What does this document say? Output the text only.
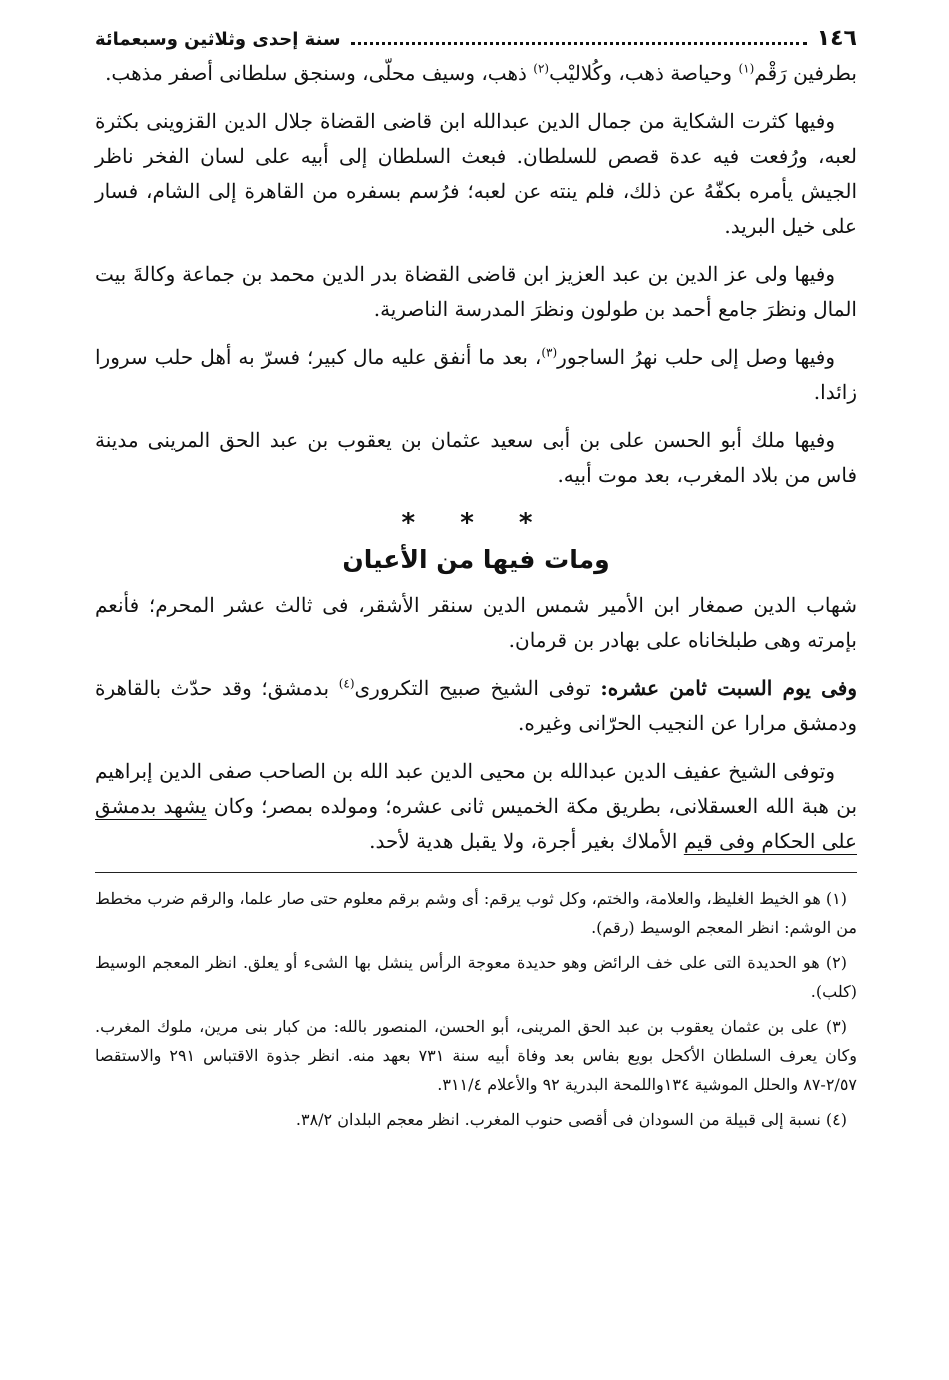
١٤٦
سنة إحدى وثلاثين وسبعمائة

بطرفين رَقْم$^{(١)}$ وحياصة ذهب، وكُلاليْب$^{(٢)}$ ذهب، وسيف محلّى، وسنجق سلطانى أصفر مذهب.

وفيها كثرت الشكاية من جمال الدين عبدالله ابن قاضى القضاة جلال الدين القزوينى بكثرة لعبه، ورُفعت فيه عدة قصص للسلطان. فبعث السلطان إلى أبيه على لسان الفخر ناظر الجيش يأمره بكفّهُ عن ذلك، فلم ينته عن لعبه؛ فرُسم بسفره من القاهرة إلى الشام، فسار على خيل البريد.

وفيها ولى عز الدين بن عبد العزيز ابن قاضى القضاة بدر الدين محمد بن جماعة وكالةَ بيت المال ونظرَ جامع أحمد بن طولون ونظرَ المدرسة الناصرية.

وفيها وصل إلى حلب نهرُ الساجور$^{(٣)}$، بعد ما أنفق عليه مال كبير؛ فسرّ به أهل حلب سرورا زائدا.

وفيها ملك أبو الحسن على بن أبى سعيد عثمان بن يعقوب بن عبد الحق المرينى مدينة فاس من بلاد المغرب، بعد موت أبيه.

* * *
ومات فيها من الأعيان

شهاب الدين صمغار ابن الأمير شمس الدين سنقر الأشقر، فى ثالث عشر المحرم؛ فأنعم بإمرته وهى طبلخاناه على بهادر بن قرمان.

وفى يوم السبت ثامن عشره: توفى الشيخ صبيح التكرورى$^{(٤)}$ بدمشق؛ وقد حدّث بالقاهرة ودمشق مرارا عن النجيب الحرّانى وغيره.

وتوفى الشيخ عفيف الدين عبدالله بن محيى الدين عبد الله بن الصاحب صفى الدين إبراهيم بن هبة الله العسقلانى، بطريق مكة الخميس ثانى عشره؛ ومولده بمصر؛ وكان يشهد بدمشق على الحكام وفى قيم الأملاك بغير أجرة، ولا يقبل هدية لأحد.

(١) هو الخيط الغليظ، والعلامة، والختم، وكل ثوب يرقم: أى وشم برقم معلوم حتى صار علما، والرقم ضرب مخطط من الوشم: انظر المعجم الوسيط (رقم).

(٢) هو الحديدة التى على خف الرائض وهو حديدة معوجة الرأس ينشل بها الشىء أو يعلق. انظر المعجم الوسيط (كلب).

(٣) على بن عثمان يعقوب بن عبد الحق المرينى، أبو الحسن، المنصور بالله: من كبار بنى مرين، ملوك المغرب. وكان يعرف السلطان الأكحل بويع بفاس بعد وفاة أبيه سنة ٧٣١ بعهد منه. انظر جذوة الاقتباس ٢٩١ والاستقصا ٢/٥٧-٨٧ والحلل الموشية ١٣٤واللمحة البدرية ٩٢ والأعلام ٣١١/٤.

(٤) نسبة إلى قبيلة من السودان فى أقصى حنوب المغرب. انظر معجم البلدان ٣٨/٢.
